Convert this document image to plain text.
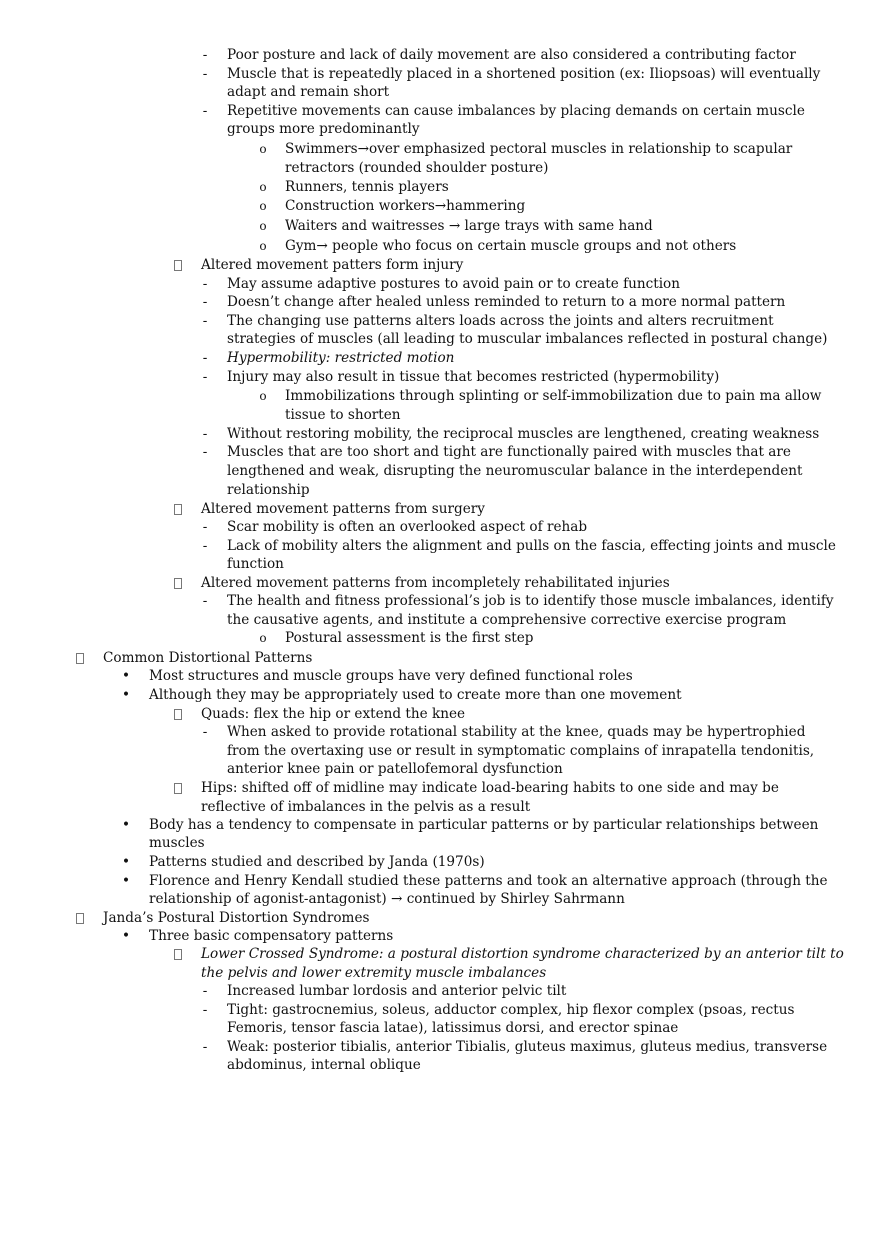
- Poor posture and lack of daily movement are also considered a contributing factor
- Muscle that is repeatedly placed in a shortened position (ex: Iliopsoas) will eventually
adapt and remain short
- Repetitive movements can cause imbalances by placing demands on certain muscle
groups more predominantly
o Swimmers→over emphasized pectoral muscles in relationship to scapular
retractors (rounded shoulder posture)
o Runners, tennis players
o Construction workers→hammering
o Waiters and waitresses → large trays with same hand
o Gym→ people who focus on certain muscle groups and not others
Altered movement patters form injury
- May assume adaptive postures to avoid pain or to create function
- Doesn’t change after healed unless reminded to return to a more normal pattern
- The changing use patterns alters loads across the joints and alters recruitment
strategies of muscles (all leading to muscular imbalances reflected in postural change)
- Hypermobility: restricted motion
- Injury may also result in tissue that becomes restricted (hypermobility)
o Immobilizations through splinting or self-immobilization due to pain ma allow
tissue to shorten
- Without restoring mobility, the reciprocal muscles are lengthened, creating weakness
- Muscles that are too short and tight are functionally paired with muscles that are
lengthened and weak, disrupting the neuromuscular balance in the interdependent
relationship
Altered movement patterns from surgery
- Scar mobility is often an overlooked aspect of rehab
- Lack of mobility alters the alignment and pulls on the fascia, effecting joints and muscle
function
Altered movement patterns from incompletely rehabilitated injuries
- The health and fitness professional’s job is to identify those muscle imbalances, identify
the causative agents, and institute a comprehensive corrective exercise program
o Postural assessment is the first step
Common Distortional Patterns
• Most structures and muscle groups have very defined functional roles
• Although they may be appropriately used to create more than one movement
Quads: flex the hip or extend the knee
- When asked to provide rotational stability at the knee, quads may be hypertrophied
from the overtaxing use or result in symptomatic complains of inrapatella tendonitis,
anterior knee pain or patellofemoral dysfunction
Hips: shifted off of midline may indicate load-bearing habits to one side and may be
reflective of imbalances in the pelvis as a result
• Body has a tendency to compensate in particular patterns or by particular relationships between
muscles
• Patterns studied and described by Janda (1970s)
• Florence and Henry Kendall studied these patterns and took an alternative approach (through the
relationship of agonist-antagonist) → continued by Shirley Sahrmann
Janda’s Postural Distortion Syndromes
• Three basic compensatory patterns
Lower Crossed Syndrome: a postural distortion syndrome characterized by an anterior tilt to
the pelvis and lower extremity muscle imbalances
- Increased lumbar lordosis and anterior pelvic tilt
- Tight: gastrocnemius, soleus, adductor complex, hip flexor complex (psoas, rectus
Femoris, tensor fascia latae), latissimus dorsi, and erector spinae
- Weak: posterior tibialis, anterior Tibialis, gluteus maximus, gluteus medius, transverse
abdominus, internal oblique
